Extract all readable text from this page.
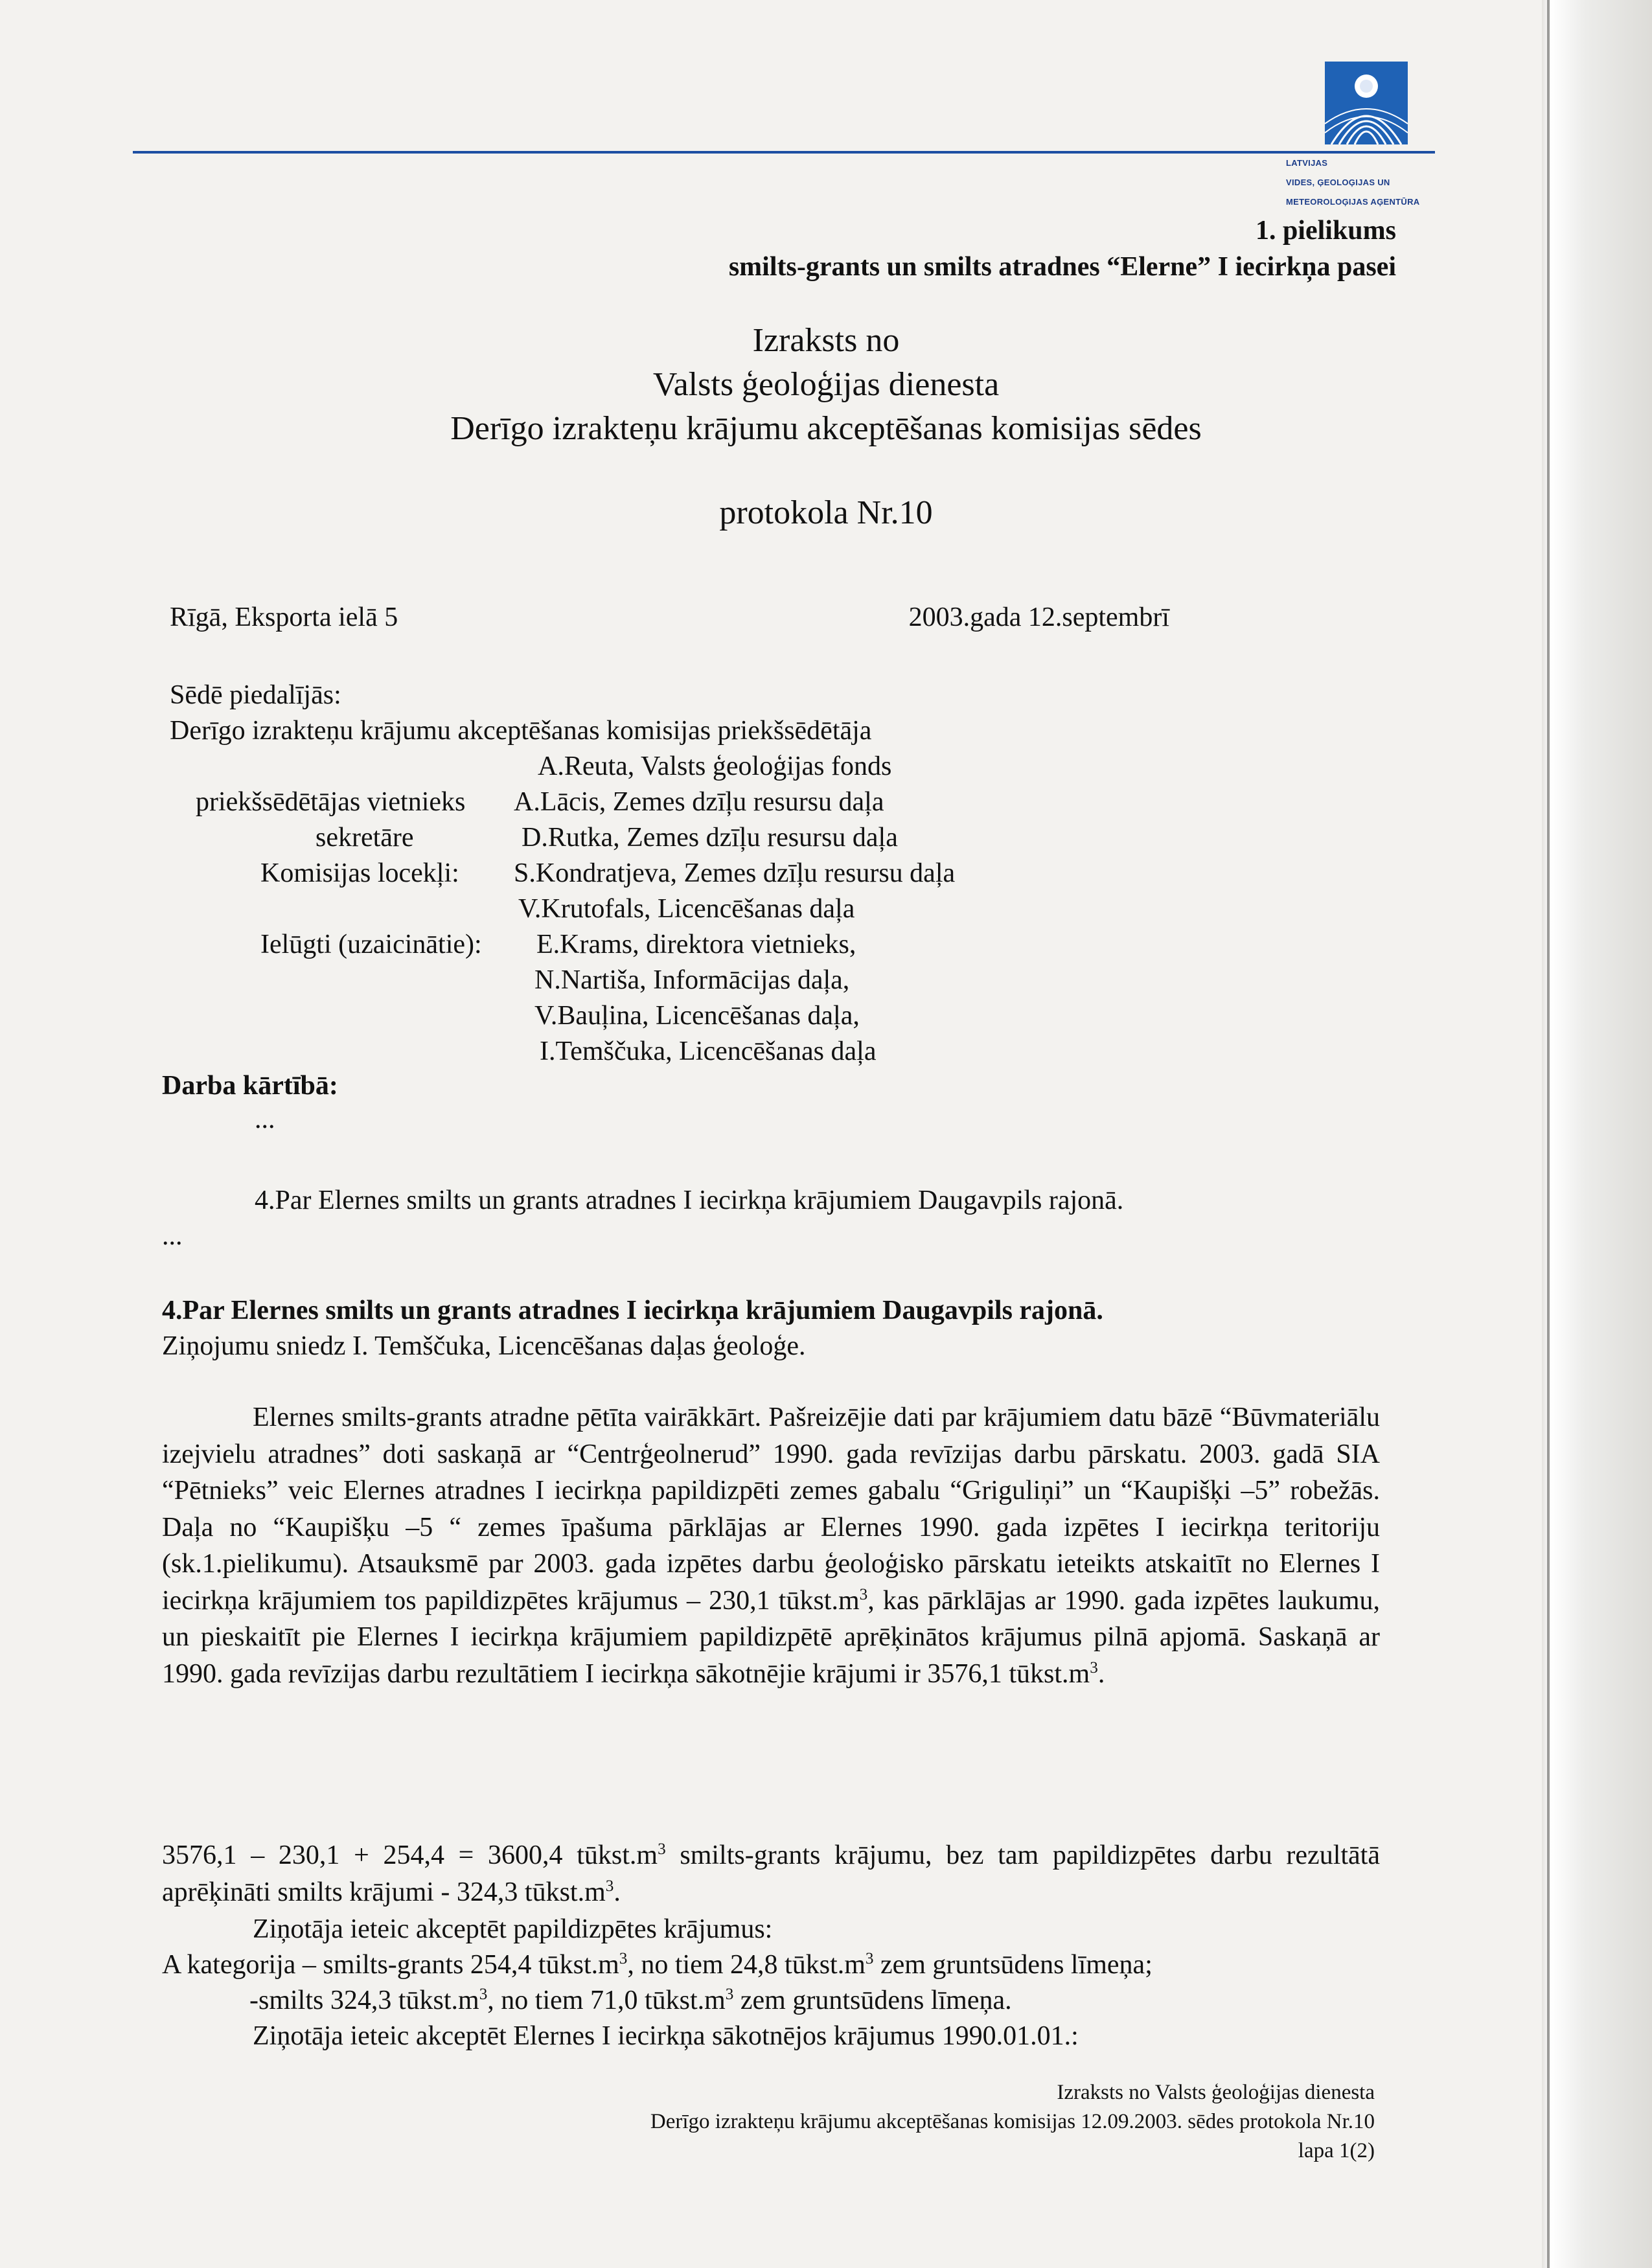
LATVIJAS

VIDES, ĢEOLOĢIJAS UN

METEOROLOĢIJAS AĢENTŪRA

1. pielikums
smilts-grants un smilts atradnes “Elerne” I iecirkņa pasei
Izraksts no
Valsts ģeoloģijas dienesta
Derīgo izrakteņu krājumu akceptēšanas komisijas sēdes
protokola Nr.10
Rīgā, Eksporta ielā 5	2003.gada 12.septembrī
Sēdē piedalījās:
Derīgo izrakteņu krājumu akceptēšanas komisijas priekšsēdētāja
A.Reuta, Valsts ģeoloģijas fonds
priekšsēdētājas vietnieks A.Lācis, Zemes dzīļu resursu daļa
sekretāre	D.Rutka, Zemes dzīļu resursu daļa
Komisijas locekļi: S.Kondratjeva, Zemes dzīļu resursu daļa
V.Krutofals, Licencēšanas daļa
Ielūgti (uzaicinātie): E.Krams, direktora vietnieks,
N.Nartiša, Informācijas daļa,
V.Bauļina, Licencēšanas daļa,
I.Temščuka, Licencēšanas daļa
Darba kārtībā:
...
4.Par Elernes smilts un grants atradnes I iecirkņa krājumiem Daugavpils rajonā.
...
4.Par Elernes smilts un grants atradnes I iecirkņa krājumiem Daugavpils rajonā.
Ziņojumu sniedz I. Temščuka, Licencēšanas daļas ģeoloģe.
Elernes smilts-grants atradne pētīta vairākkārt. Pašreizējie dati par krājumiem datu bāzē “Būvmateriālu izejvielu atradnes” doti saskaņā ar “Centrģeolnerud” 1990. gada revīzijas darbu pārskatu. 2003. gadā SIA “Pētnieks” veic Elernes atradnes I iecirkņa papildizpēti zemes gabalu “Griguliņi” un “Kaupišķi –5” robežās. Daļa no “Kaupišķu –5 “ zemes īpašuma pārklājas ar Elernes 1990. gada izpētes I iecirkņa teritoriju (sk.1.pielikumu). Atsauksmē par 2003. gada izpētes darbu ģeoloģisko pārskatu ieteikts atskaitīt no Elernes I iecirkņa krājumiem tos papildizpētes krājumus – 230,1 $tūkst.m^3$, kas pārklājas ar 1990. gada izpētes laukumu, un pieskaitīt pie Elernes I iecirkņa krājumiem papildizpētē aprēķinātos krājumus pilnā apjomā. Saskaņā ar 1990. gada revīzijas darbu rezultātiem I iecirkņa sākotnējie krājumi ir 3576,1 $tūkst.m^3$.
3576,1 – 230,1 + 254,4 = 3600,4 $tūkst.m^3$ smilts-grants krājumu, bez tam papildizpētes darbu rezultātā aprēķināti smilts krājumi - 324,3 $tūkst.m^3$.
Ziņotāja ieteic akceptēt papildizpētes krājumus:
A kategorija – smilts-grants 254,4 $tūkst.m^3$, no tiem 24,8 $tūkst.m^3$ zem gruntsūdens līmeņa;
-smilts 324,3 $tūkst.m^3$, no tiem 71,0 $tūkst.m^3$ zem gruntsūdens līmeņa.
Ziņotāja ieteic akceptēt Elernes I iecirkņa sākotnējos krājumus 1990.01.01.:
Izraksts no Valsts ģeoloģijas dienesta
Derīgo izrakteņu krājumu akceptēšanas komisijas 12.09.2003. sēdes protokola Nr.10
lapa 1(2)
